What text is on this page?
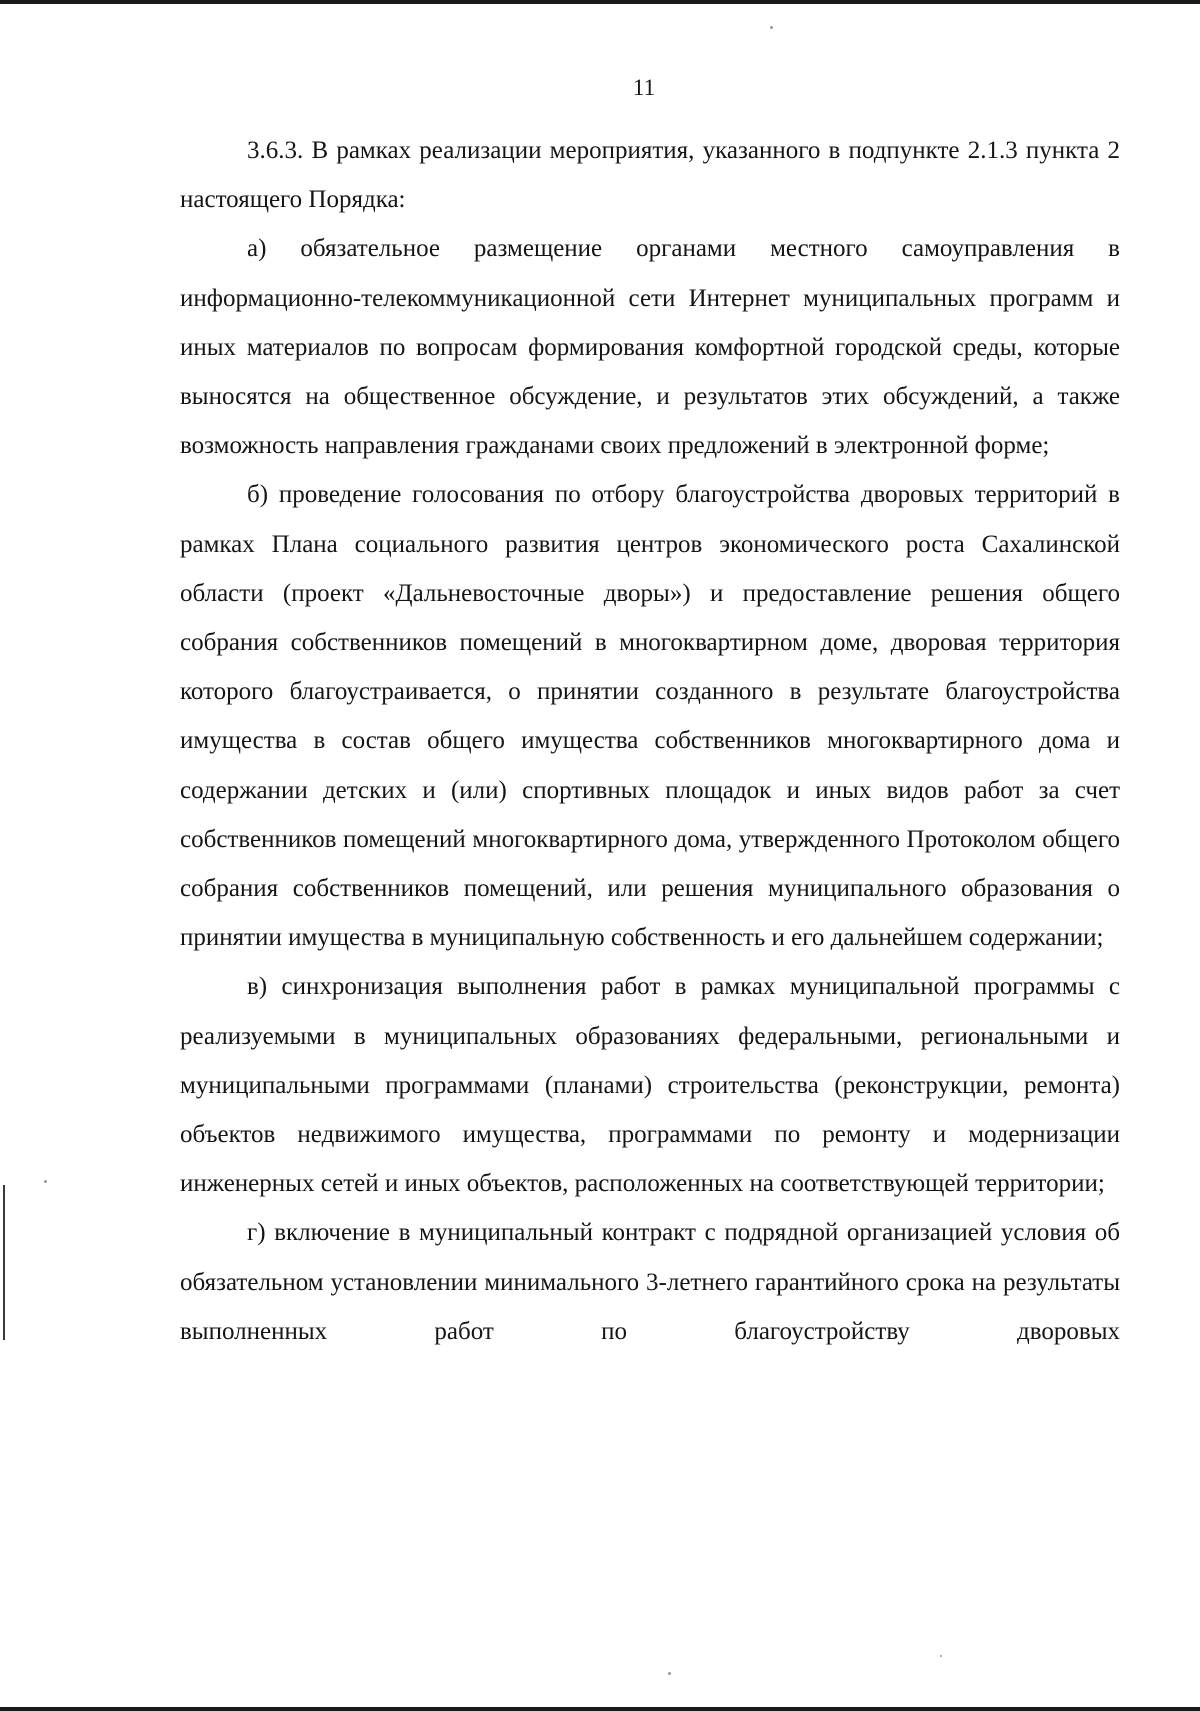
11

3.6.3. В рамках реализации мероприятия, указанного в подпункте 2.1.3 пункта 2 настоящего Порядка:

а) обязательное размещение органами местного самоуправления в информационно-телекоммуникационной сети Интернет муниципальных программ и иных материалов по вопросам формирования комфортной городской среды, которые выносятся на общественное обсуждение, и результатов этих обсуждений, а также возможность направления гражданами своих предложений в электронной форме;

б) проведение голосования по отбору благоустройства дворовых территорий в рамках Плана социального развития центров экономического роста Сахалинской области (проект «Дальневосточные дворы») и предоставление решения общего собрания собственников помещений в многоквартирном доме, дворовая территория которого благоустраивается, о принятии созданного в результате благоустройства имущества в состав общего имущества собственников многоквартирного дома и содержании детских и (или) спортивных площадок и иных видов работ за счет собственников помещений многоквартирного дома, утвержденного Протоколом общего собрания собственников помещений, или решения муниципального образования о принятии имущества в муниципальную собственность и его дальнейшем содержании;

в) синхронизация выполнения работ в рамках муниципальной программы с реализуемыми в муниципальных образованиях федеральными, региональными и муниципальными программами (планами) строительства (реконструкции, ремонта) объектов недвижимого имущества, программами по ремонту и модернизации инженерных сетей и иных объектов, расположенных на соответствующей территории;

г) включение в муниципальный контракт с подрядной организацией условия об обязательном установлении минимального 3-летнего гарантийного срока на результаты выполненных работ по благоустройству дворовых
